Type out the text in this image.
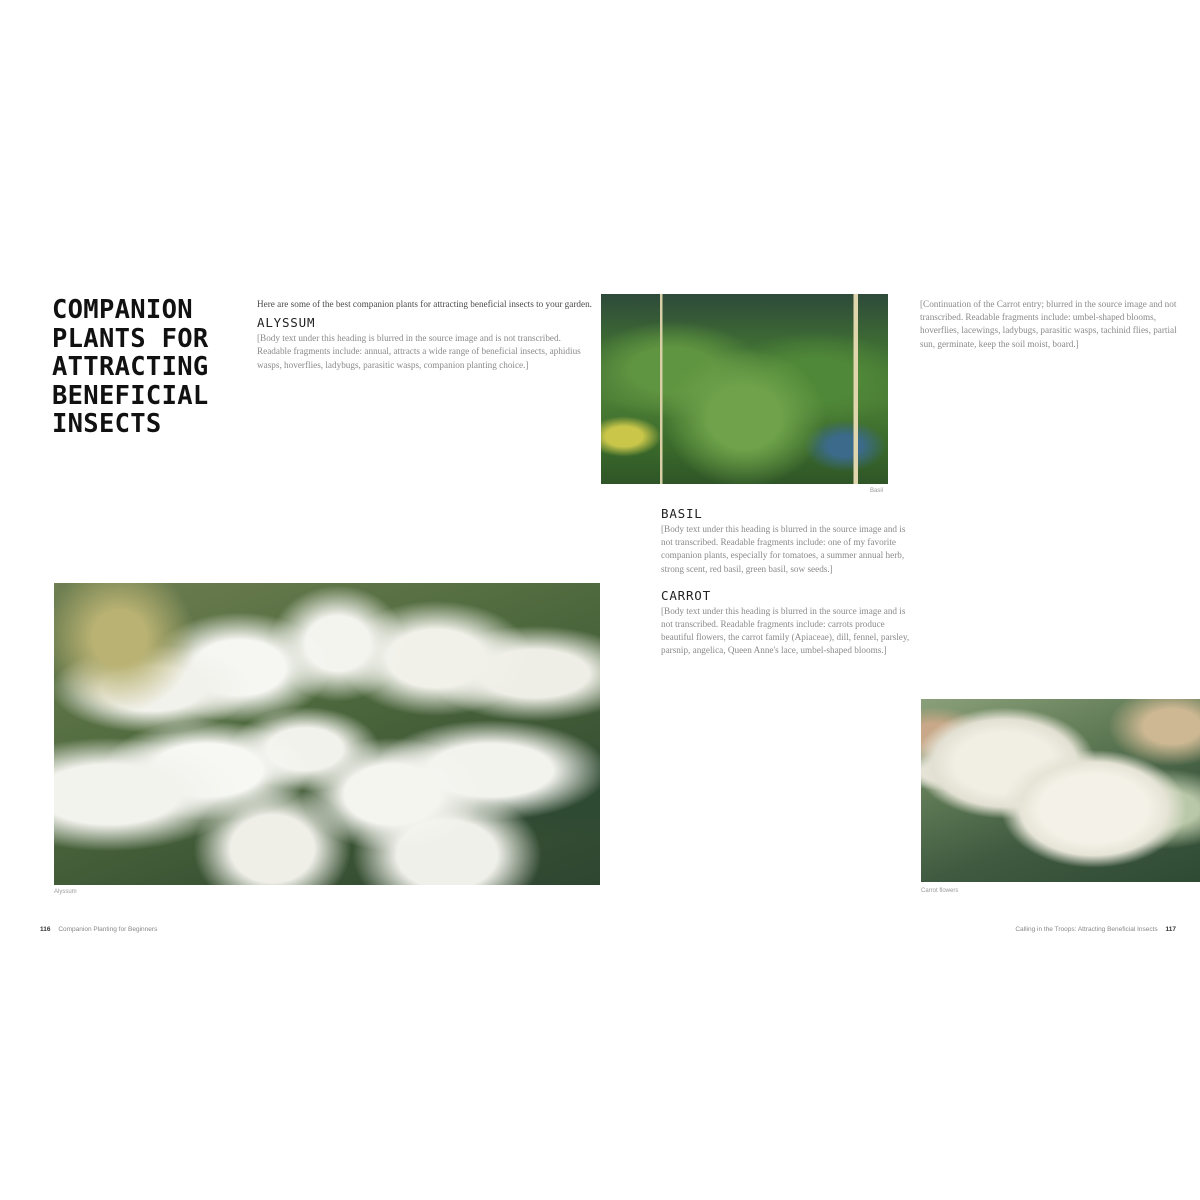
COMPANION PLANTS FOR ATTRACTING BENEFICIAL INSECTS

Here are some of the best companion plants for attracting beneficial insects to your garden.

ALYSSUM

[Body text under this heading is blurred in the source image and is not transcribed. Readable fragments include: annual, attracts a wide range of beneficial insects, aphidius wasps, hoverflies, ladybugs, parasitic wasps, companion planting choice.]

Alyssum
116 Companion Planting for Beginners
Basil
BASIL

[Body text under this heading is blurred in the source image and is not transcribed. Readable fragments include: one of my favorite companion plants, especially for tomatoes, a summer annual herb, strong scent, red basil, green basil, sow seeds.]

CARROT

[Body text under this heading is blurred in the source image and is not transcribed. Readable fragments include: carrots produce beautiful flowers, the carrot family (Apiaceae), dill, fennel, parsley, parsnip, angelica, Queen Anne's lace, umbel-shaped blooms.]

[Continuation of the Carrot entry; blurred in the source image and not transcribed. Readable fragments include: umbel-shaped blooms, hoverflies, lacewings, ladybugs, parasitic wasps, tachinid flies, partial sun, germinate, keep the soil moist, board.]

Carrot flowers
Calling in the Troops: Attracting Beneficial Insects 117
